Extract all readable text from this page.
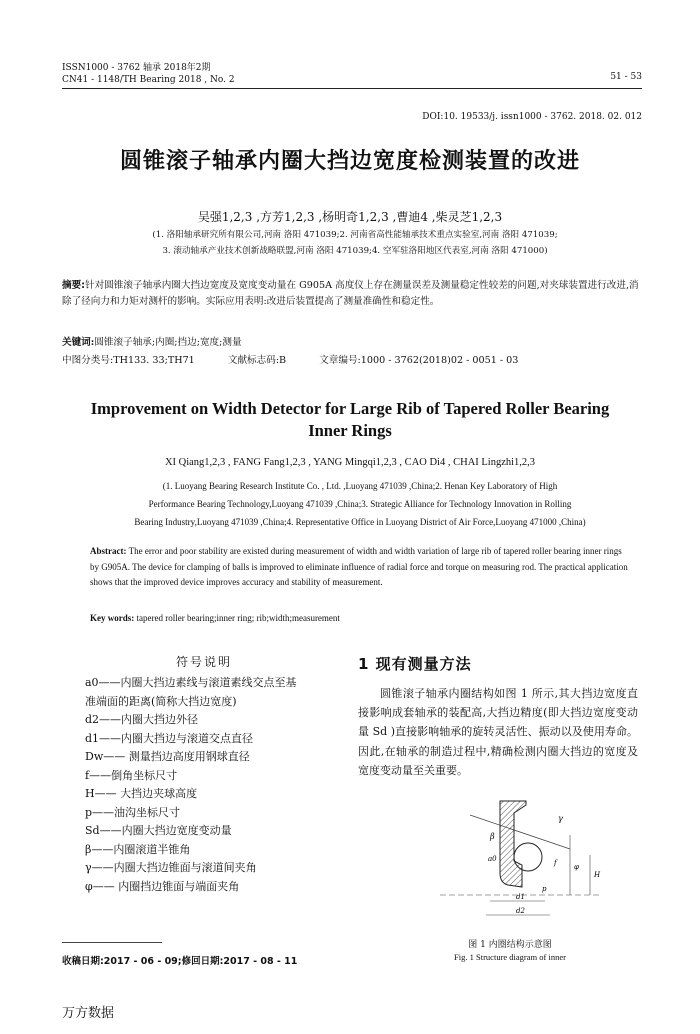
ISSN1000 - 3762 轴承 2018年2期
CN41 - 1148/TH Bearing 2018 , No. 2	51 - 53
DOI:10. 19533/j. issn1000 - 3762. 2018. 02. 012
圆锥滚子轴承内圈大挡边宽度检测装置的改进
吴强1,2,3 ,方芳1,2,3 ,杨明奇1,2,3 ,曹迪4 ,柴灵芝1,2,3
(1. 洛阳轴承研究所有限公司,河南 洛阳 471039;2. 河南省高性能轴承技术重点实验室,河南 洛阳 471039;
3. 滚动轴承产业技术创新战略联盟,河南 洛阳 471039;4. 空军驻洛阳地区代表室,河南 洛阳 471000)
摘要:针对圆锥滚子轴承内圈大挡边宽度及宽度变动量在 G905A 高度仪上存在测量误差及测量稳定性较差的问题,对夹球装置进行改进,消除了径向力和力矩对测杆的影响。实际应用表明:改进后装置提高了测量准确性和稳定性。
关键词:圆锥滚子轴承;内圈;挡边;宽度;测量
中图分类号:TH133. 33;TH71	文献标志码:B	文章编号:1000 - 3762(2018)02 - 0051 - 03
Improvement on Width Detector for Large Rib of Tapered Roller Bearing
Inner Rings
XI Qiang1,2,3 , FANG Fang1,2,3 , YANG Mingqi1,2,3 , CAO Di4 , CHAI Lingzhi1,2,3
(1. Luoyang Bearing Research Institute Co. , Ltd. ,Luoyang 471039 ,China;2. Henan Key Laboratory of High
Performance Bearing Technology,Luoyang 471039 ,China;3. Strategic Alliance for Technology Innovation in Rolling
Bearing Industry,Luoyang 471039 ,China;4. Representative Office in Luoyang District of Air Force,Luoyang 471000 ,China)
Abstract: The error and poor stability are existed during measurement of width and width variation of large rib of tapered roller bearing inner rings by G905A. The device for clamping of balls is improved to eliminate influence of radial force and torque on measuring rod. The practical application shows that the improved device improves accuracy and stability of measurement.
Key words: tapered roller bearing;inner ring; rib;width;measurement
符号说明
a0——内圈大挡边素线与滚道素线交点至基
准端面的距离(简称大挡边宽度)
d2——内圈大挡边外径
d1——内圈大挡边与滚道交点直径
Dw—— 测量挡边高度用钢球直径
f——倒角坐标尺寸
H—— 大挡边夹球高度
p——油沟坐标尺寸
Sd——内圈大挡边宽度变动量
β——内圈滚道半锥角
γ——内圈大挡边锥面与滚道间夹角
φ—— 内圈挡边锥面与端面夹角
1 现有测量方法
圆锥滚子轴承内圈结构如图 1 所示,其大挡边宽度直接影响成套轴承的装配高,大挡边精度(即大挡边宽度变动量 Sd )直接影响轴承的旋转灵活性、振动以及使用寿命。因此,在轴承的制造过程中,精确检测内圈大挡边的宽度及宽度变动量至关重要。
β
γ
a0
d1
d2
p
H
f φ
图 1 内圈结构示意图
Fig. 1 Structure diagram of inner
收稿日期:2017 - 06 - 09;修回日期:2017 - 08 - 11
万方数据
